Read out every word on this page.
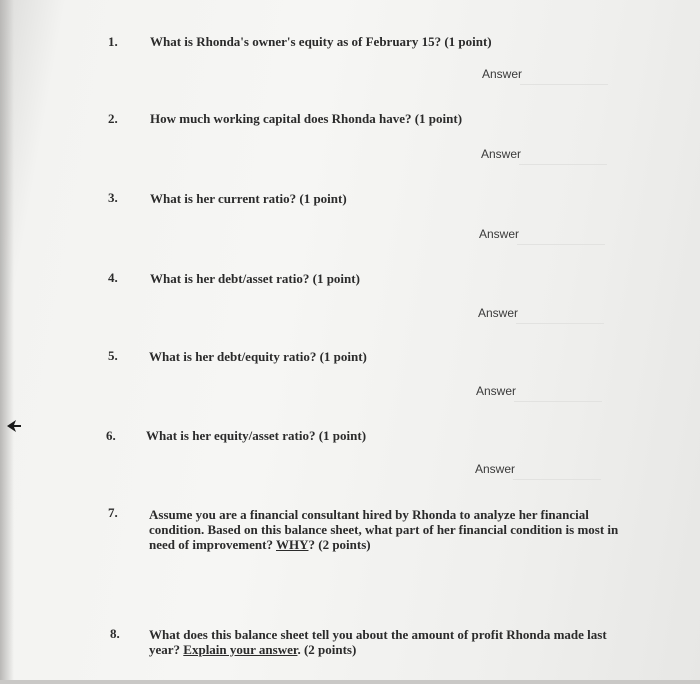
1. What is Rhonda's owner's equity as of February 15? (1 point)
Answer
2. How much working capital does Rhonda have? (1 point)
Answer
3. What is her current ratio? (1 point)
Answer
4. What is her debt/asset ratio? (1 point)
Answer
5. What is her debt/equity ratio? (1 point)
Answer
6. What is her equity/asset ratio? (1 point)
Answer
7. Assume you are a financial consultant hired by Rhonda to analyze her financial condition. Based on this balance sheet, what part of her financial condition is most in need of improvement? WHY? (2 points)
8. What does this balance sheet tell you about the amount of profit Rhonda made last year? Explain your answer. (2 points)
